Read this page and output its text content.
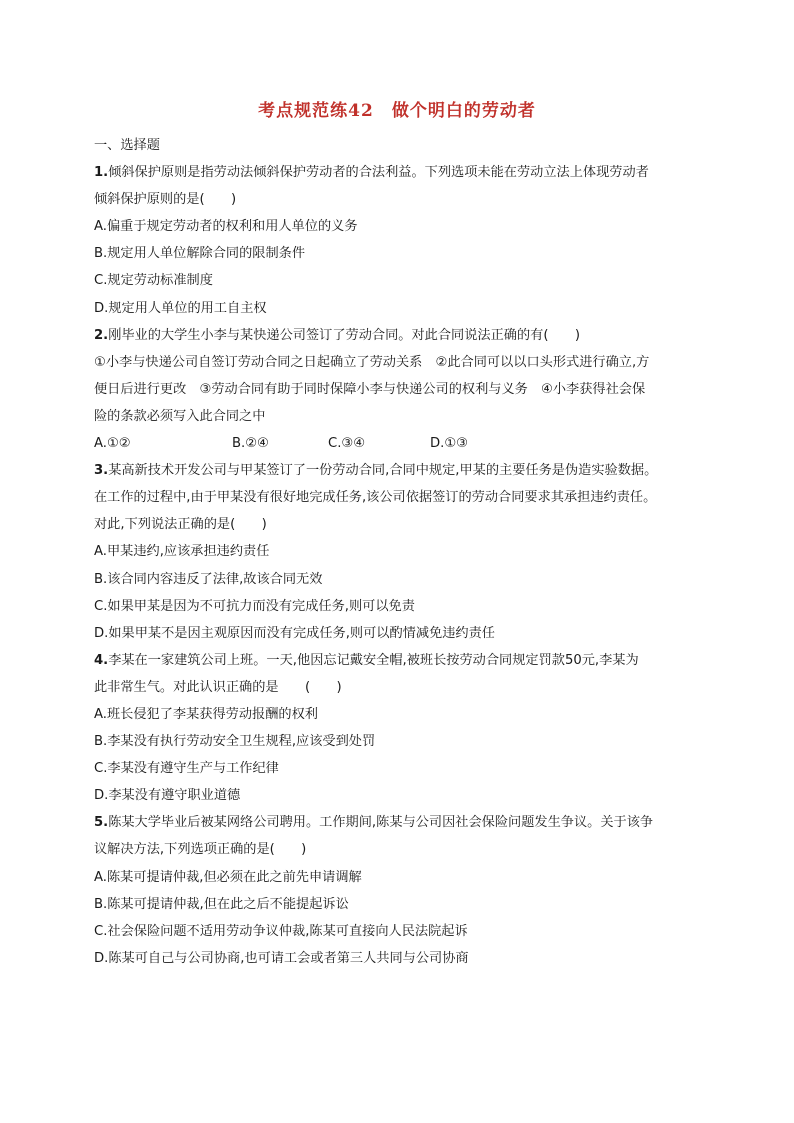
考点规范练42　做个明白的劳动者
一、选择题
1.倾斜保护原则是指劳动法倾斜保护劳动者的合法利益。下列选项未能在劳动立法上体现劳动者
倾斜保护原则的是(　　)
A.偏重于规定劳动者的权利和用人单位的义务
B.规定用人单位解除合同的限制条件
C.规定劳动标准制度
D.规定用人单位的用工自主权
2.刚毕业的大学生小李与某快递公司签订了劳动合同。对此合同说法正确的有(　　)
①小李与快递公司自签订劳动合同之日起确立了劳动关系　②此合同可以以口头形式进行确立,方
便日后进行更改　③劳动合同有助于同时保障小李与快递公司的权利与义务　④小李获得社会保
险的条款必须写入此合同之中
A.①②	B.②④	C.③④	D.①③
3.某高新技术开发公司与甲某签订了一份劳动合同,合同中规定,甲某的主要任务是伪造实验数据。
在工作的过程中,由于甲某没有很好地完成任务,该公司依据签订的劳动合同要求其承担违约责任。
对此,下列说法正确的是(　　)
A.甲某违约,应该承担违约责任
B.该合同内容违反了法律,故该合同无效
C.如果甲某是因为不可抗力而没有完成任务,则可以免责
D.如果甲某不是因主观原因而没有完成任务,则可以酌情减免违约责任
4.李某在一家建筑公司上班。一天,他因忘记戴安全帽,被班长按劳动合同规定罚款50元,李某为
此非常生气。对此认识正确的是　　(　　)
A.班长侵犯了李某获得劳动报酬的权利
B.李某没有执行劳动安全卫生规程,应该受到处罚
C.李某没有遵守生产与工作纪律
D.李某没有遵守职业道德
5.陈某大学毕业后被某网络公司聘用。工作期间,陈某与公司因社会保险问题发生争议。关于该争
议解决方法,下列选项正确的是(　　)
A.陈某可提请仲裁,但必须在此之前先申请调解
B.陈某可提请仲裁,但在此之后不能提起诉讼
C.社会保险问题不适用劳动争议仲裁,陈某可直接向人民法院起诉
D.陈某可自己与公司协商,也可请工会或者第三人共同与公司协商
